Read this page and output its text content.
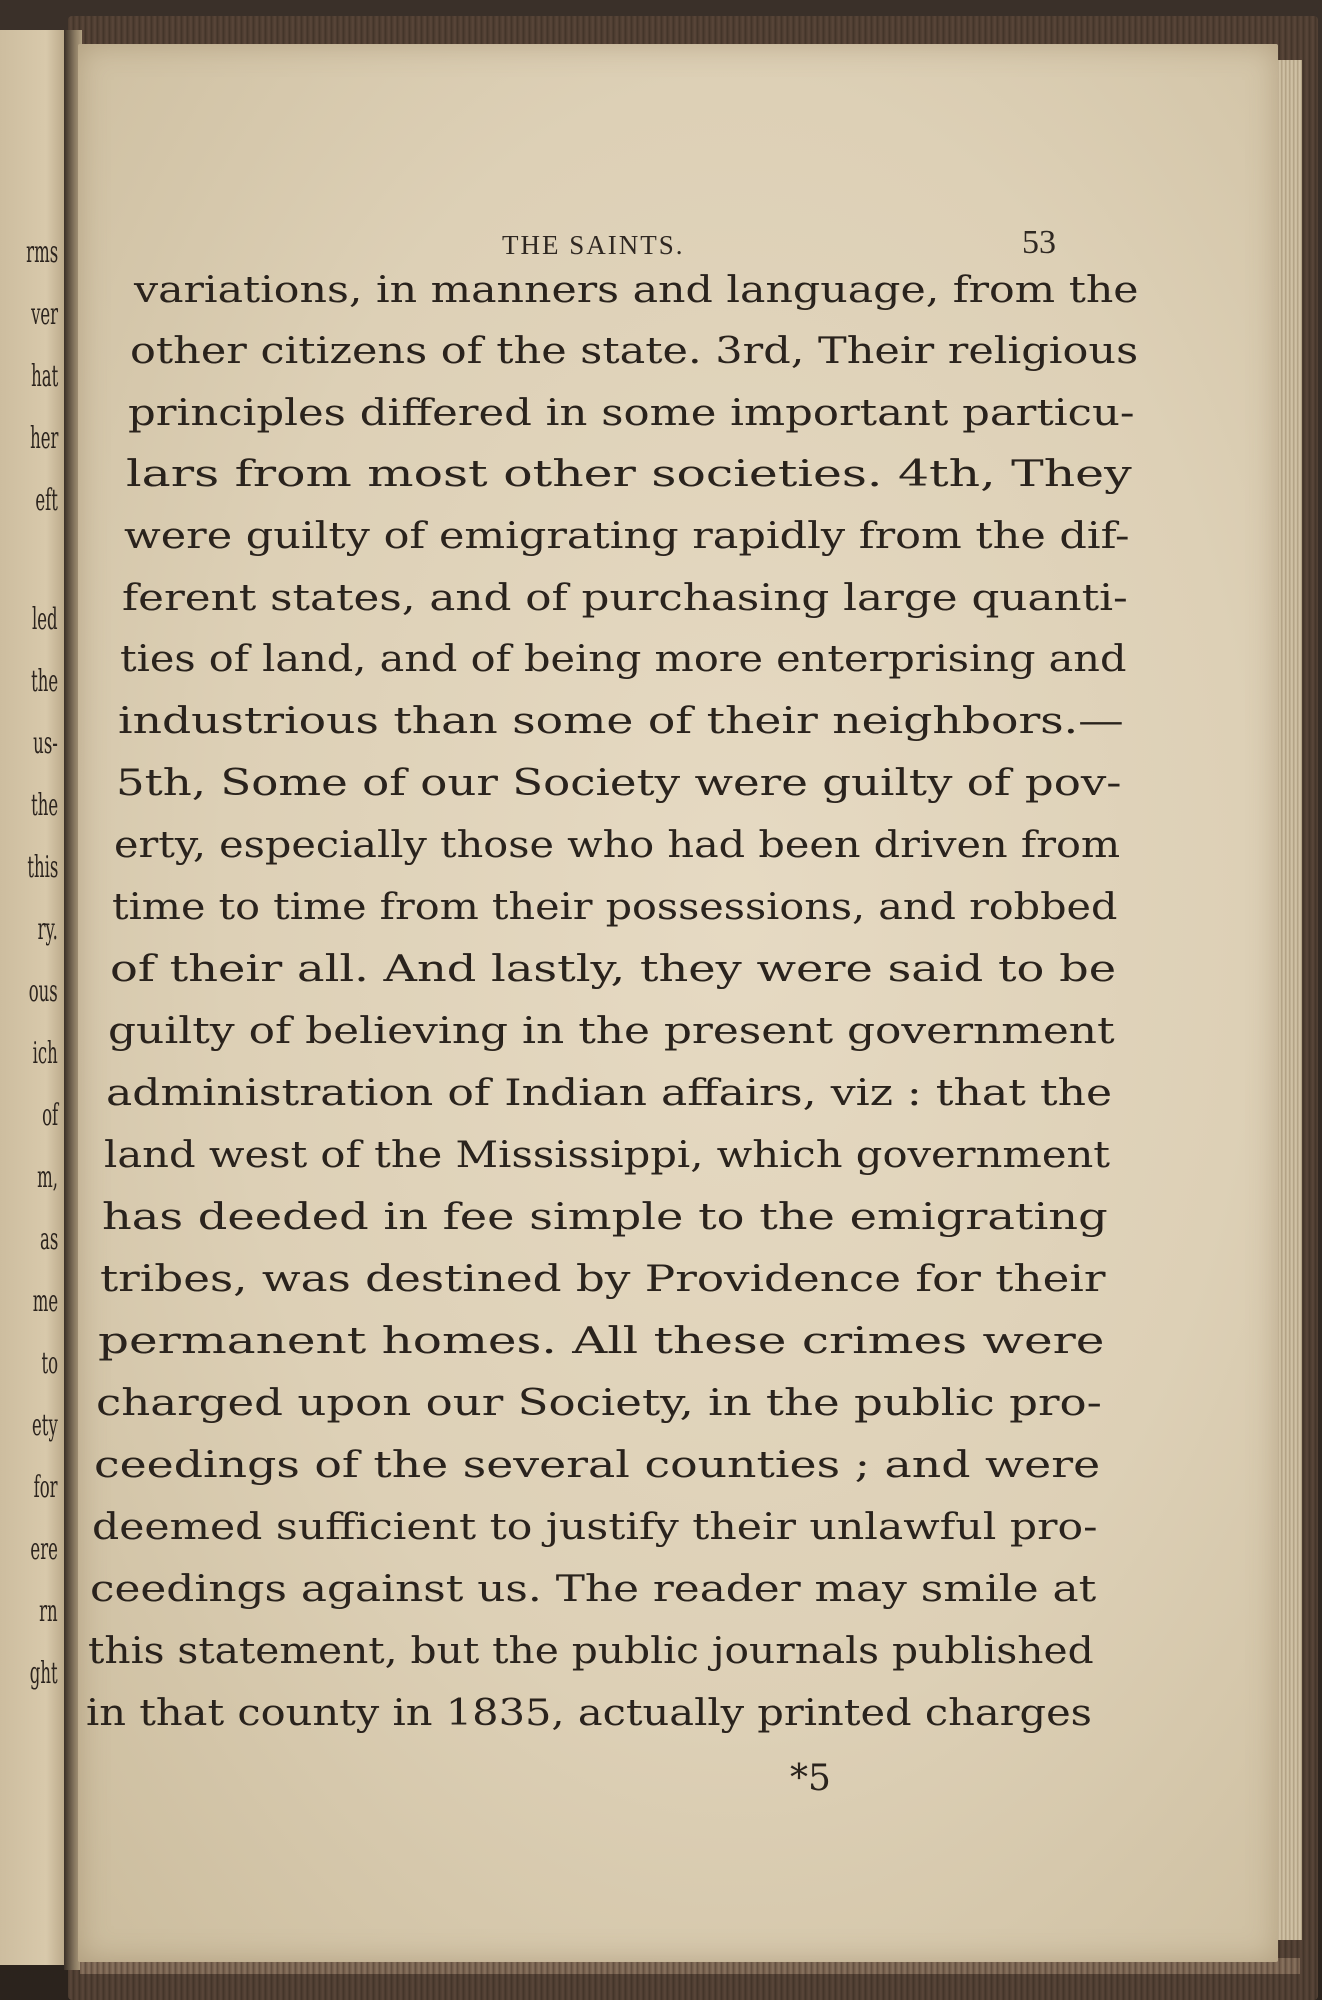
rms
ver
hat
her
eft
led
the
us-
the
this
ry.
ous
ich
of
m,
as
me
to
ety
for
ere
rn
ght
THE SAINTS.	53
variations, in manners and language, from the
other citizens of the state. 3rd, Their religious
principles differed in some important particu-
lars from most other societies. 4th, They
were guilty of emigrating rapidly from the dif-
ferent states, and of purchasing large quanti-
ties of land, and of being more enterprising and
industrious than some of their neighbors.—
5th, Some of our Society were guilty of pov-
erty, especially those who had been driven from
time to time from their possessions, and robbed
of their all. And lastly, they were said to be
guilty of believing in the present government
administration of Indian affairs, viz : that the
land west of the Mississippi, which government
has deeded in fee simple to the emigrating
tribes, was destined by Providence for their
permanent homes. All these crimes were
charged upon our Society, in the public pro-
ceedings of the several counties ; and were
deemed sufficient to justify their unlawful pro-
ceedings against us. The reader may smile at
this statement, but the public journals published
in that county in 1835, actually printed charges
*5
